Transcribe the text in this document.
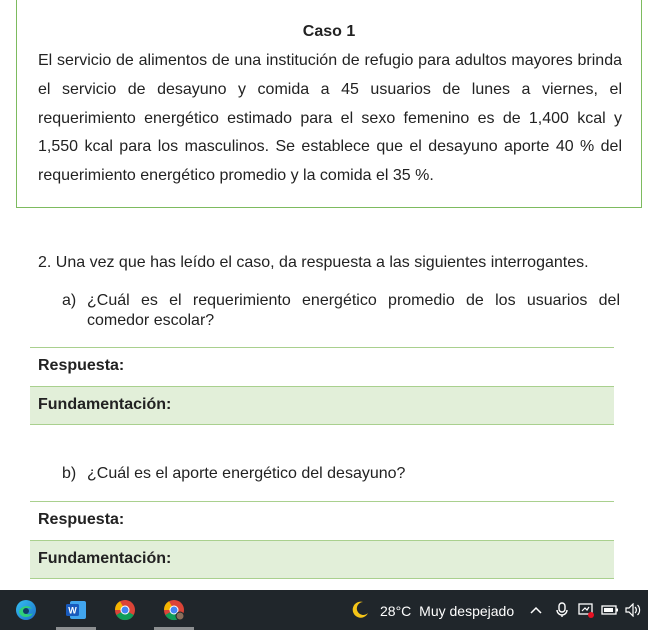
Caso 1
El servicio de alimentos de una institución de refugio para adultos mayores brinda el servicio de desayuno y comida a 45 usuarios de lunes a viernes, el requerimiento energético estimado para el sexo femenino es de 1,400 kcal y 1,550 kcal para los masculinos. Se establece que el desayuno aporte 40 % del requerimiento energético promedio y la comida el 35 %.
2. Una vez que has leído el caso, da respuesta a las siguientes interrogantes.
a) ¿Cuál es el requerimiento energético promedio de los usuarios del comedor escolar?
Respuesta:
Fundamentación:
b) ¿Cuál es el aporte energético del desayuno?
Respuesta:
Fundamentación:
W	28°C Muy despejado
